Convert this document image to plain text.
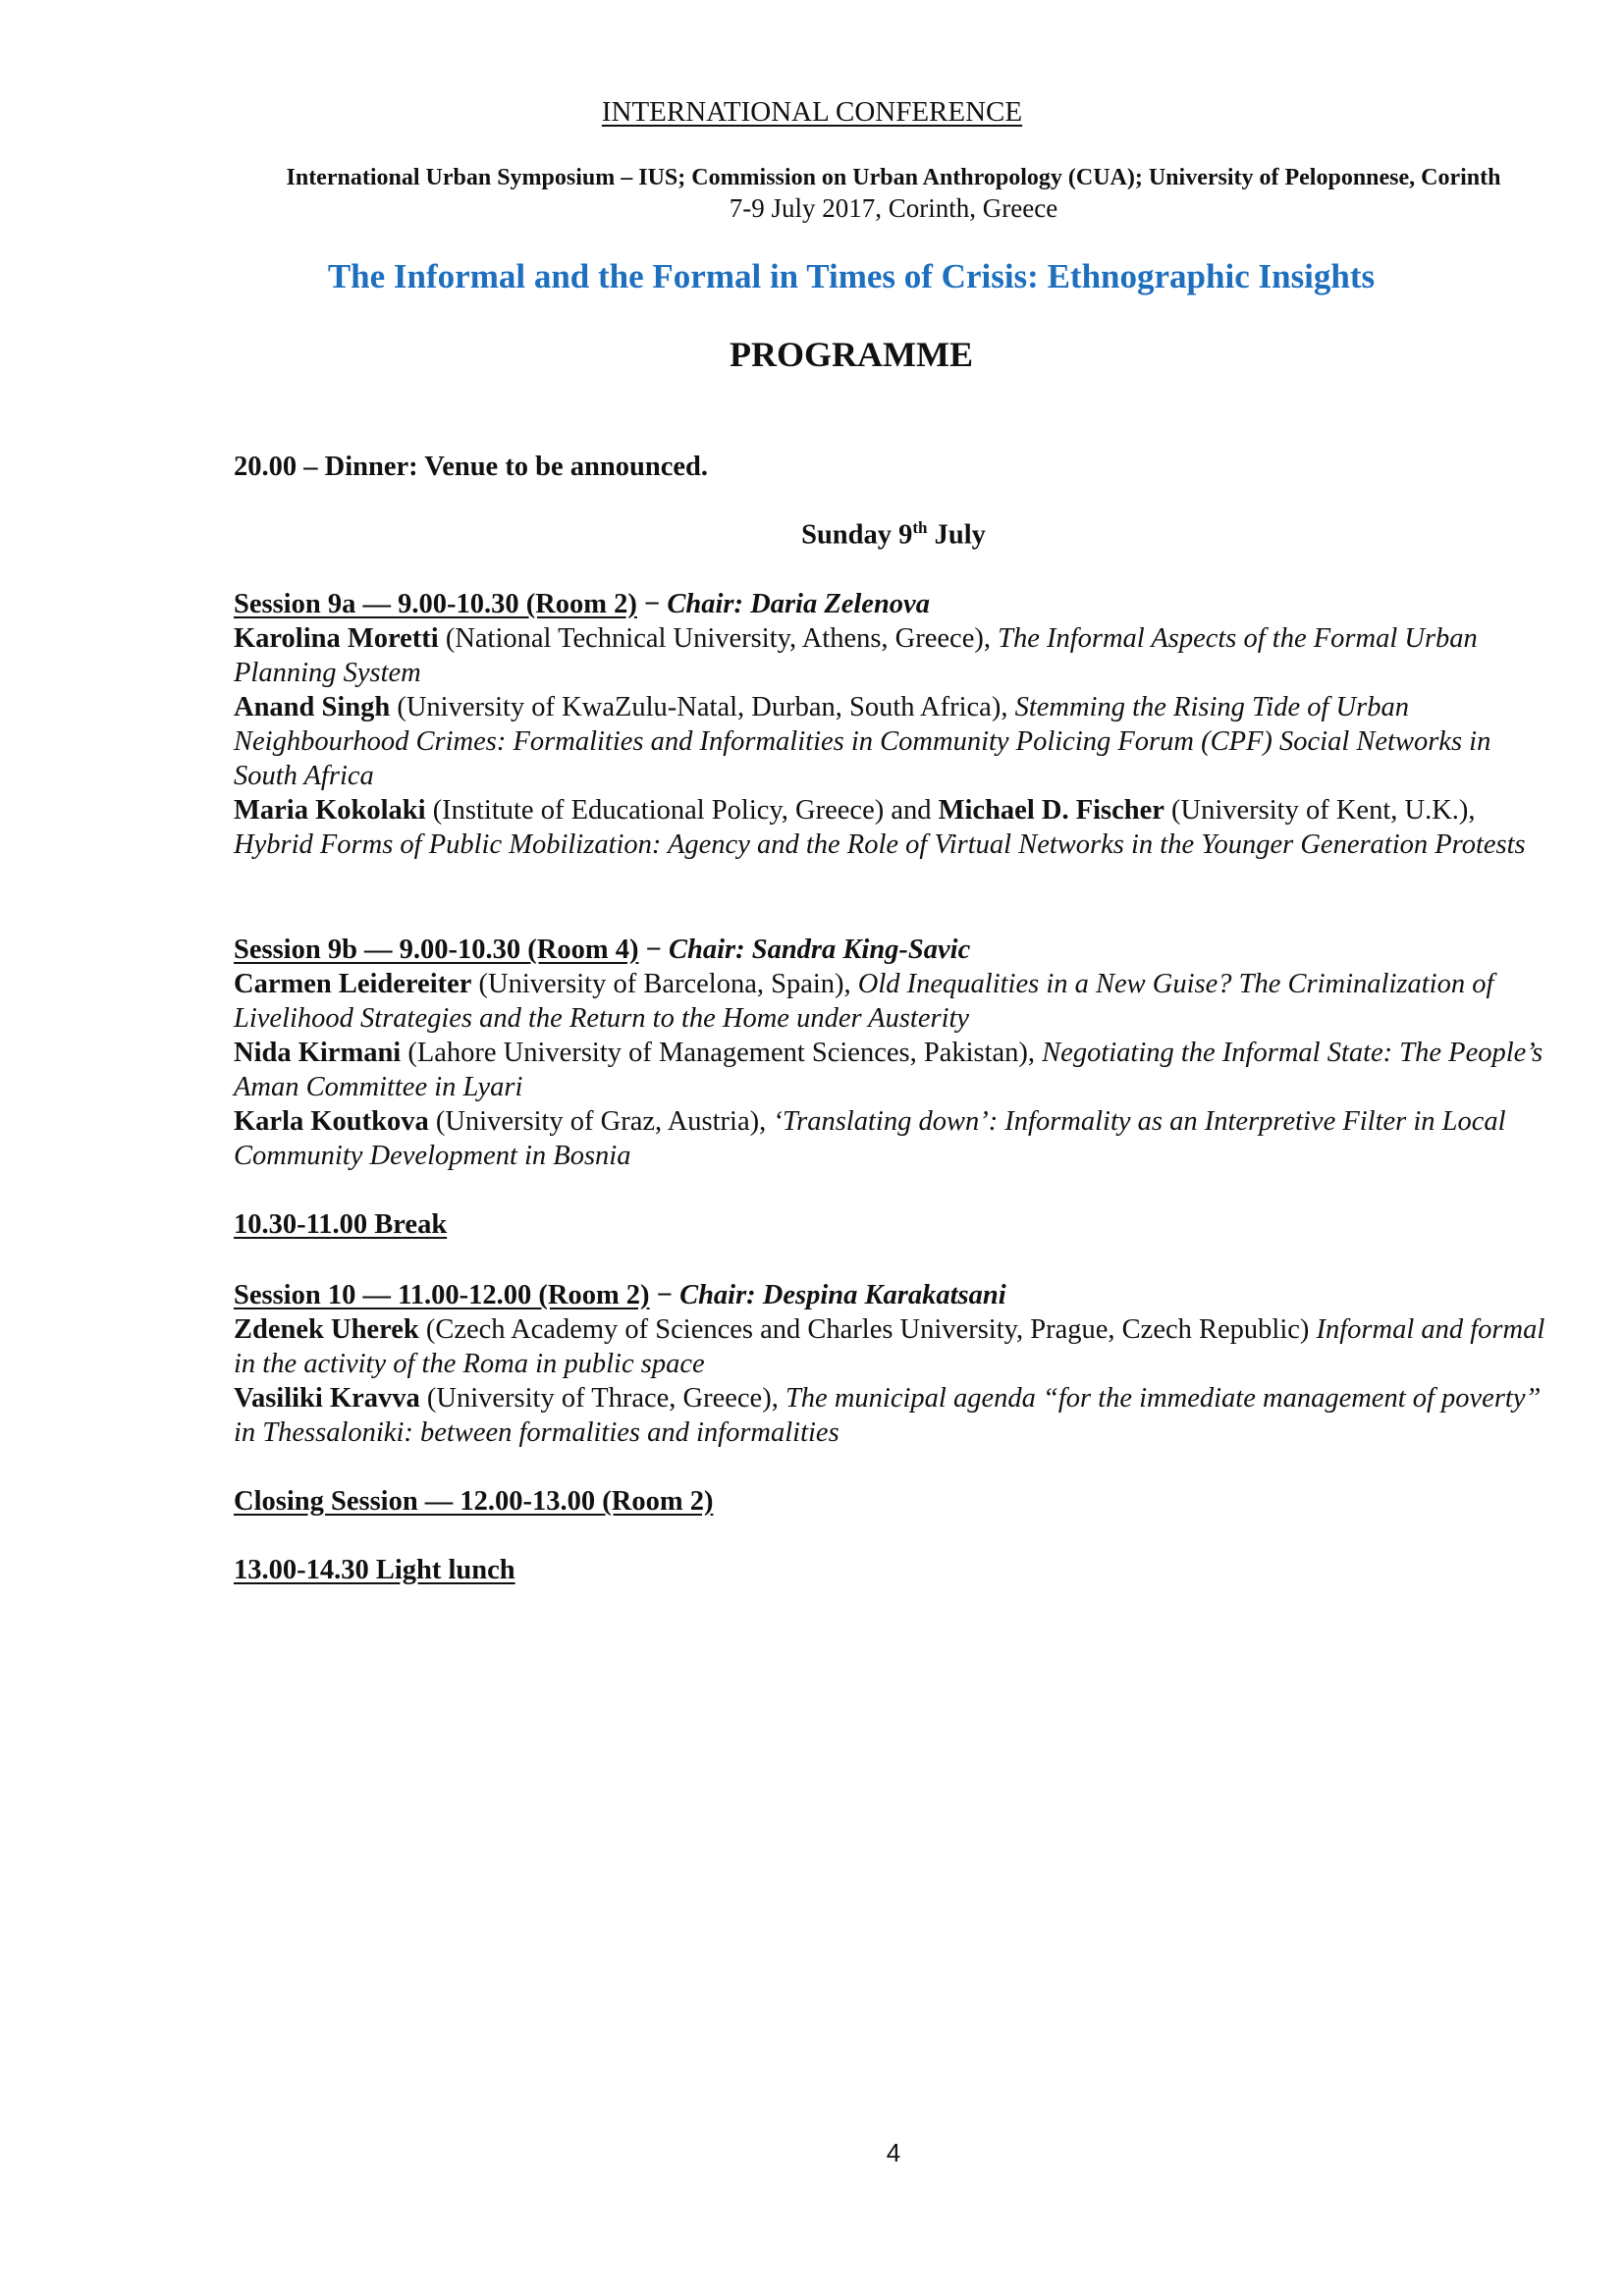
INTERNATIONAL CONFERENCE
International Urban Symposium – IUS; Commission on Urban Anthropology (CUA); University of Peloponnese, Corinth
7-9 July 2017, Corinth, Greece
The Informal and the Formal in Times of Crisis: Ethnographic Insights
PROGRAMME
20.00 – Dinner: Venue to be announced.
Sunday 9th July
Session 9a — 9.00-10.30 (Room 2) − Chair: Daria Zelenova

Karolina Moretti (National Technical University, Athens, Greece), The Informal Aspects of the Formal Urban Planning System

Anand Singh (University of KwaZulu-Natal, Durban, South Africa), Stemming the Rising Tide of Urban Neighbourhood Crimes: Formalities and Informalities in Community Policing Forum (CPF) Social Networks in South Africa

Maria Kokolaki (Institute of Educational Policy, Greece) and Michael D. Fischer (University of Kent, U.K.), Hybrid Forms of Public Mobilization: Agency and the Role of Virtual Networks in the Younger Generation Protests

Session 9b — 9.00-10.30 (Room 4) − Chair: Sandra King-Savic

Carmen Leidereiter (University of Barcelona, Spain), Old Inequalities in a New Guise? The Criminalization of Livelihood Strategies and the Return to the Home under Austerity

Nida Kirmani (Lahore University of Management Sciences, Pakistan), Negotiating the Informal State: The People’s Aman Committee in Lyari

Karla Koutkova (University of Graz, Austria), ‘Translating down’: Informality as an Interpretive Filter in Local Community Development in Bosnia

10.30-11.00 Break
Session 10 — 11.00-12.00 (Room 2) − Chair: Despina Karakatsani

Zdenek Uherek (Czech Academy of Sciences and Charles University, Prague, Czech Republic) Informal and formal in the activity of the Roma in public space

Vasiliki Kravva (University of Thrace, Greece), The municipal agenda “for the immediate management of poverty” in Thessaloniki: between formalities and informalities

Closing Session — 12.00-13.00 (Room 2)
13.00-14.30 Light lunch
4
